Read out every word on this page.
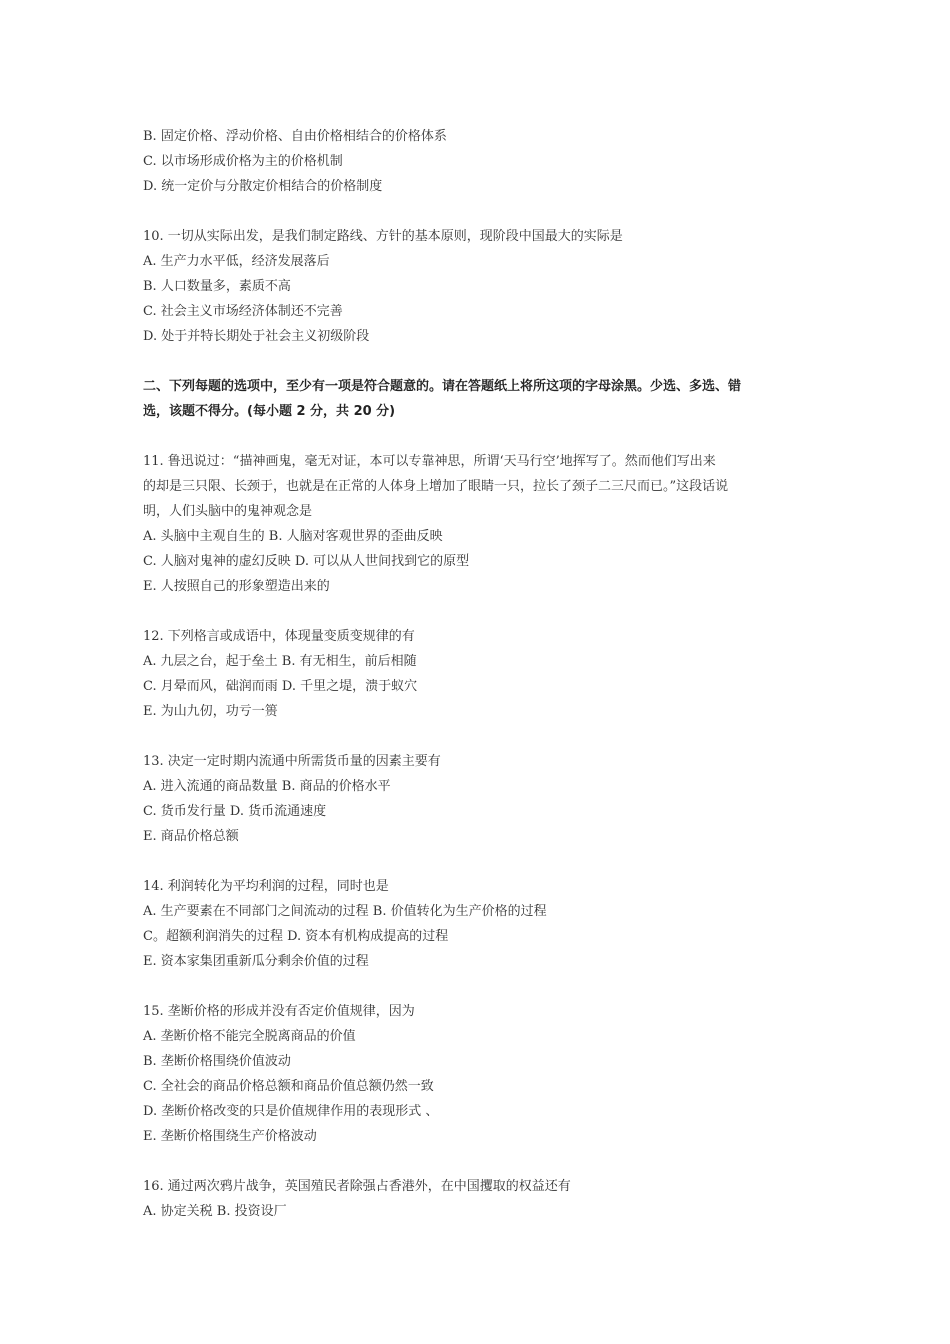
B. 固定价格、浮动价格、自由价格相结合的价格体系
C. 以市场形成价格为主的价格机制
D. 统一定价与分散定价相结合的价格制度
10. 一切从实际出发，是我们制定路线、方针的基本原则，现阶段中国最大的实际是
A. 生产力水平低，经济发展落后
B. 人口数量多，素质不高
C. 社会主义市场经济体制还不完善
D. 处于并特长期处于社会主义初级阶段
二、下列每题的选项中，至少有一项是符合题意的。请在答题纸上将所这项的字母涂黑。少选、多选、错
选，该题不得分。(每小题 2 分，共 20 分)
11. 鲁迅说过：“描神画鬼，毫无对证，本可以专靠神思，所谓‘天马行空’地挥写了。然而他们写出来
的却是三只限、长颈于，也就是在正常的人体身上增加了眼睛一只，拉长了颈子二三尺而已。”这段话说
明，人们头脑中的鬼神观念是
A. 头脑中主观自生的 B. 人脑对客观世界的歪曲反映
C. 人脑对鬼神的虚幻反映 D. 可以从人世间找到它的原型
E. 人按照自己的形象塑造出来的
12. 下列格言或成语中，体现量变质变规律的有
A. 九层之台，起于垒土 B. 有无相生，前后相随
C. 月晕而风，础润而雨 D. 千里之堤，溃于蚁穴
E. 为山九仞，功亏一篑
13. 决定一定时期内流通中所需货币量的因素主要有
A. 进入流通的商品数量 B. 商品的价格水平
C. 货币发行量 D. 货币流通速度
E. 商品价格总额
14. 利润转化为平均利润的过程，同时也是
A. 生产要素在不同部门之间流动的过程 B. 价值转化为生产价格的过程
C。超额利润消失的过程 D. 资本有机构成提高的过程
E. 资本家集团重新瓜分剩余价值的过程
15. 垄断价格的形成并没有否定价值规律，因为
A. 垄断价格不能完全脱离商品的价值
B. 垄断价格围绕价值波动
C. 全社会的商品价格总额和商品价值总额仍然一致
D. 垄断价格改变的只是价值规律作用的表现形式 、
E. 垄断价格围绕生产价格波动
16. 通过两次鸦片战争，英国殖民者除强占香港外，在中国攫取的权益还有
A. 协定关税 B. 投资设厂
